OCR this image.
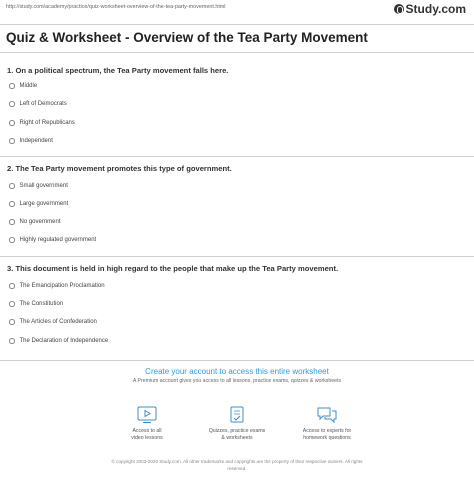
http://study.com/academy/practice/quiz-worksheet-overview-of-the-tea-party-movement.html	Study.com
Quiz & Worksheet - Overview of the Tea Party Movement
1. On a political spectrum, the Tea Party movement falls here.
Middle
Left of Democrats
Right of Republicans
Independent
2. The Tea Party movement promotes this type of government.
Small government
Large government
No government
Highly regulated government
3. This document is held in high regard to the people that make up the Tea Party movement.
The Emancipation Proclamation
The Constitution
The Articles of Confederation
The Declaration of Independence
Create your account to access this entire worksheet
A Premium account gives you access to all lessons, practice exams, quizzes & worksheets
Access to all
video lessons
Quizzes, practice exams
& worksheets
Access to experts for
homework questions
© copyright 2003-2020 Study.com. All other trademarks and copyrights are the property of their respective owners. All rights
reserved.
